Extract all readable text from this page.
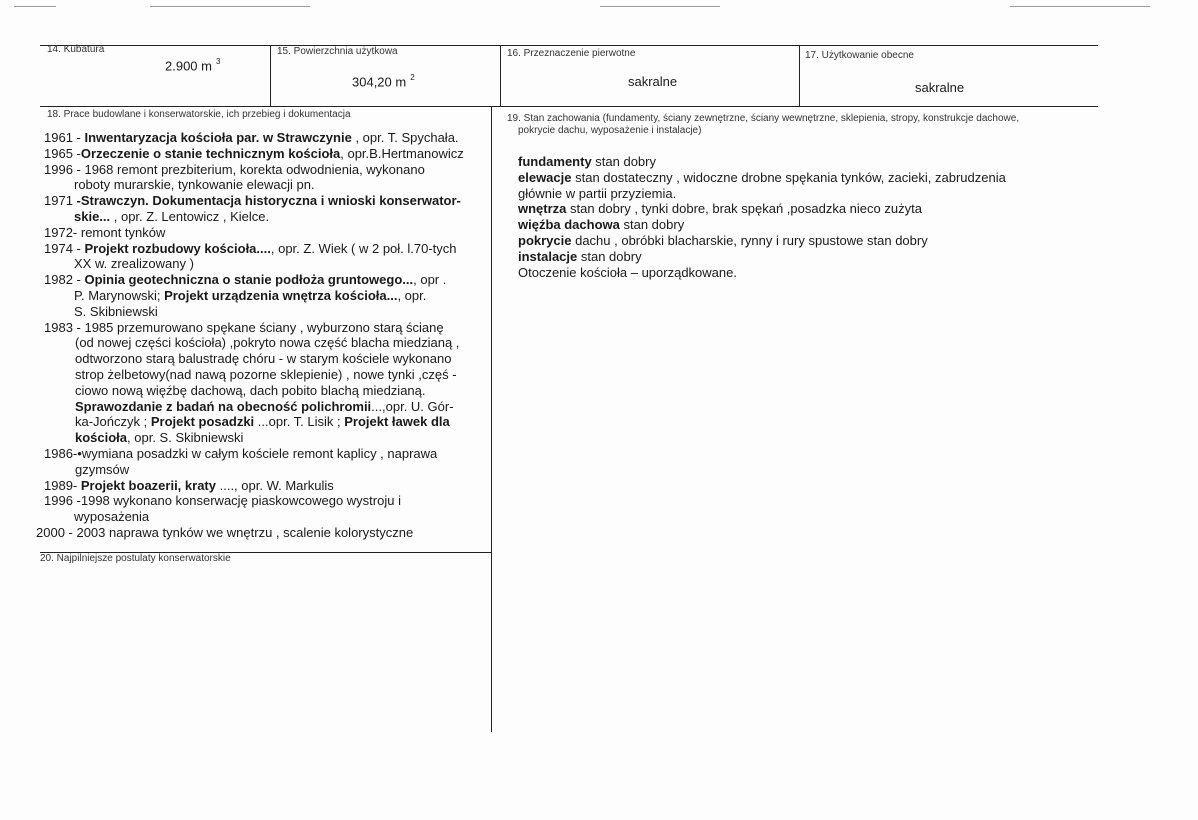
14. Kubatura
2.900 m $^3$
15. Powierzchnia użytkowa
304,20 m $^2$
16. Przeznaczenie pierwotne
sakralne
17. Użytkowanie obecne
sakralne
18. Prace budowlane i konserwatorskie, ich przebieg i dokumentacja
1961 - Inwentaryzacja kościoła par. w Strawczynie , opr. T. Spychała.
1965 -Orzeczenie o stanie technicznym kościoła, opr.B.Hertmanowicz
1996 - 1968 remont prezbiterium, korekta odwodnienia, wykonano
roboty murarskie, tynkowanie elewacji pn.
1971 -Strawczyn. Dokumentacja historyczna i wnioski konserwator-
skie... , opr. Z. Lentowicz , Kielce.
1972- remont tynków
1974 - Projekt rozbudowy kościoła...., opr. Z. Wiek ( w 2 poł. l.70-tych
XX w. zrealizowany )
1982 - Opinia geotechniczna o stanie podłoża gruntowego..., opr .
P. Marynowski; Projekt urządzenia wnętrza kościoła..., opr.
S. Skibniewski
1983 - 1985 przemurowano spękane ściany , wyburzono starą ścianę
(od nowej części kościoła) ,pokryto nowa część blacha miedzianą ,
odtworzono starą balustradę chóru - w starym kościele wykonano
strop żelbetowy(nad nawą pozorne sklepienie) , nowe tynki ,częś -
ciowo nową więźbę dachową, dach pobito blachą miedzianą.
Sprawozdanie z badań na obecność polichromii...,opr. U. Gór-
ka-Jończyk ; Projekt posadzki ...opr. T. Lisik ; Projekt ławek dla
kościoła, opr. S. Skibniewski
1986-•wymiana posadzki w całym kościele remont kaplicy , naprawa
gzymsów
1989- Projekt boazerii, kraty ...., opr. W. Markulis
1996 -1998 wykonano konserwację piaskowcowego wystroju i
wyposażenia
2000 - 2003 naprawa tynków we wnętrzu , scalenie kolorystyczne
20. Najpilniejsze postulaty konserwatorskie
19. Stan zachowania (fundamenty, ściany zewnętrzne, ściany wewnętrzne, sklepienia, stropy, konstrukcje dachowe,
pokrycie dachu, wyposażenie i instalacje)
fundamenty stan dobry
elewacje stan dostateczny , widoczne drobne spękania tynków, zacieki, zabrudzenia
głównie w partii przyziemia.
wnętrza stan dobry , tynki dobre, brak spękań ,posadzka nieco zużyta
więźba dachowa stan dobry
pokrycie dachu , obróbki blacharskie, rynny i rury spustowe stan dobry
instalacje stan dobry
Otoczenie kościoła – uporządkowane.
